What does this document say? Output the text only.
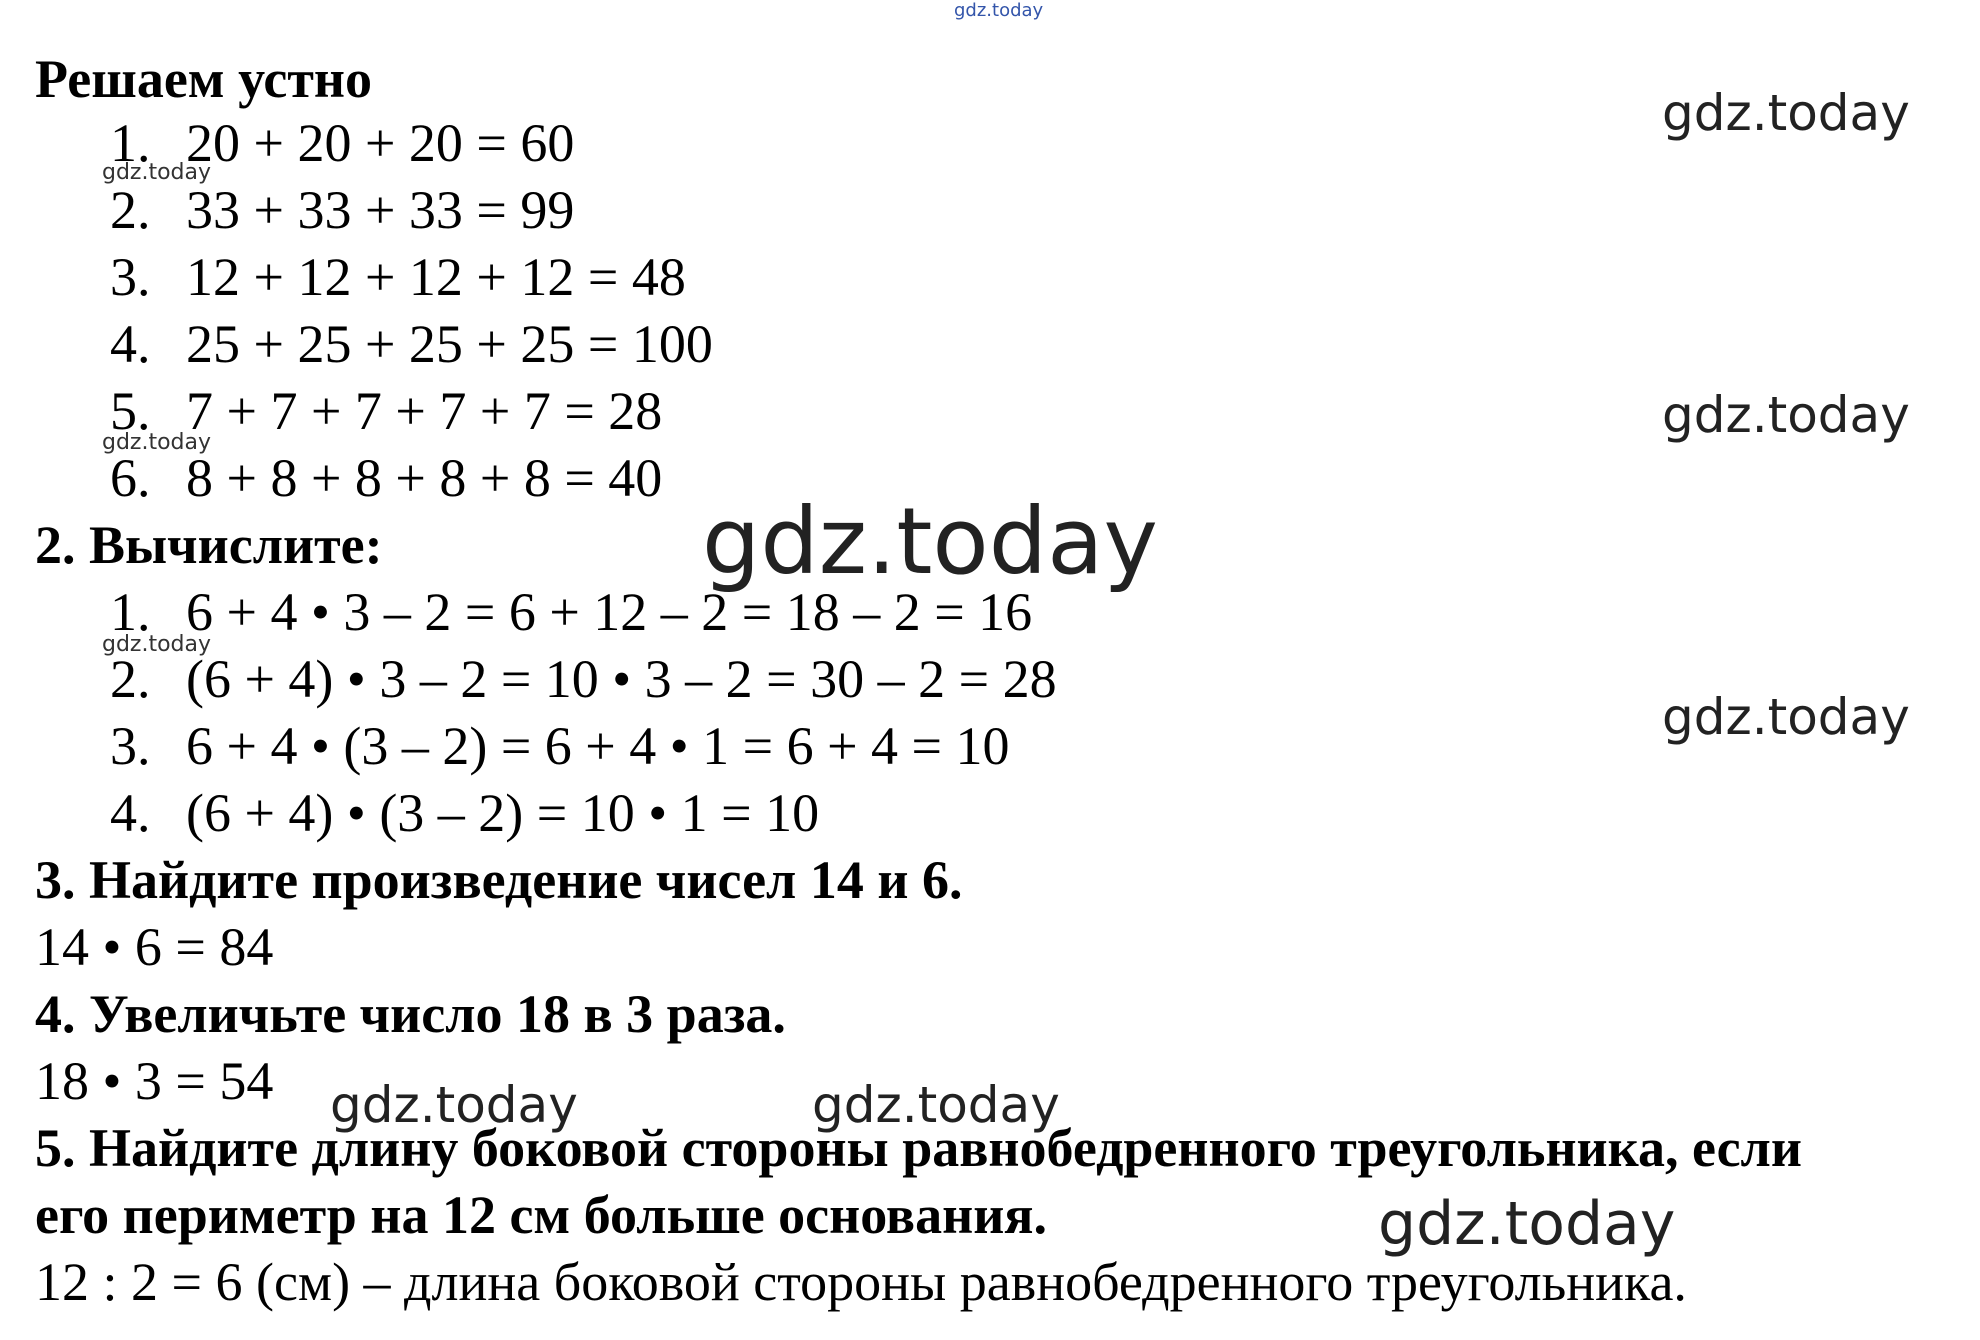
gdz.today
gdz.today
gdz.today
gdz.today
gdz.today
gdz.today
gdz.today
gdz.today
gdz.today	gdz.today
gdz.today
Решаем устно
1. 20 + 20 + 20 = 60
2. 33 + 33 + 33 = 99
3. 12 + 12 + 12 + 12 = 48
4. 25 + 25 + 25 + 25 = 100
5. 7 + 7 + 7 + 7 + 7 = 28
6. 8 + 8 + 8 + 8 + 8 = 40
2. Вычислите:
1. 6 + 4 • 3 – 2 = 6 + 12 – 2 = 18 – 2 = 16
2. (6 + 4) • 3 – 2 = 10 • 3 – 2 = 30 – 2 = 28
3. 6 + 4 • (3 – 2) = 6 + 4 • 1 = 6 + 4 = 10
4. (6 + 4) • (3 – 2) = 10 • 1 = 10
3. Найдите произведение чисел 14 и 6.
14 • 6 = 84
4. Увеличьте число 18 в 3 раза.
18 • 3 = 54
5. Найдите длину боковой стороны равнобедренного треугольника, если
его периметр на 12 см больше основания.
12 : 2 = 6 (см) – длина боковой стороны равнобедренного треугольника.
